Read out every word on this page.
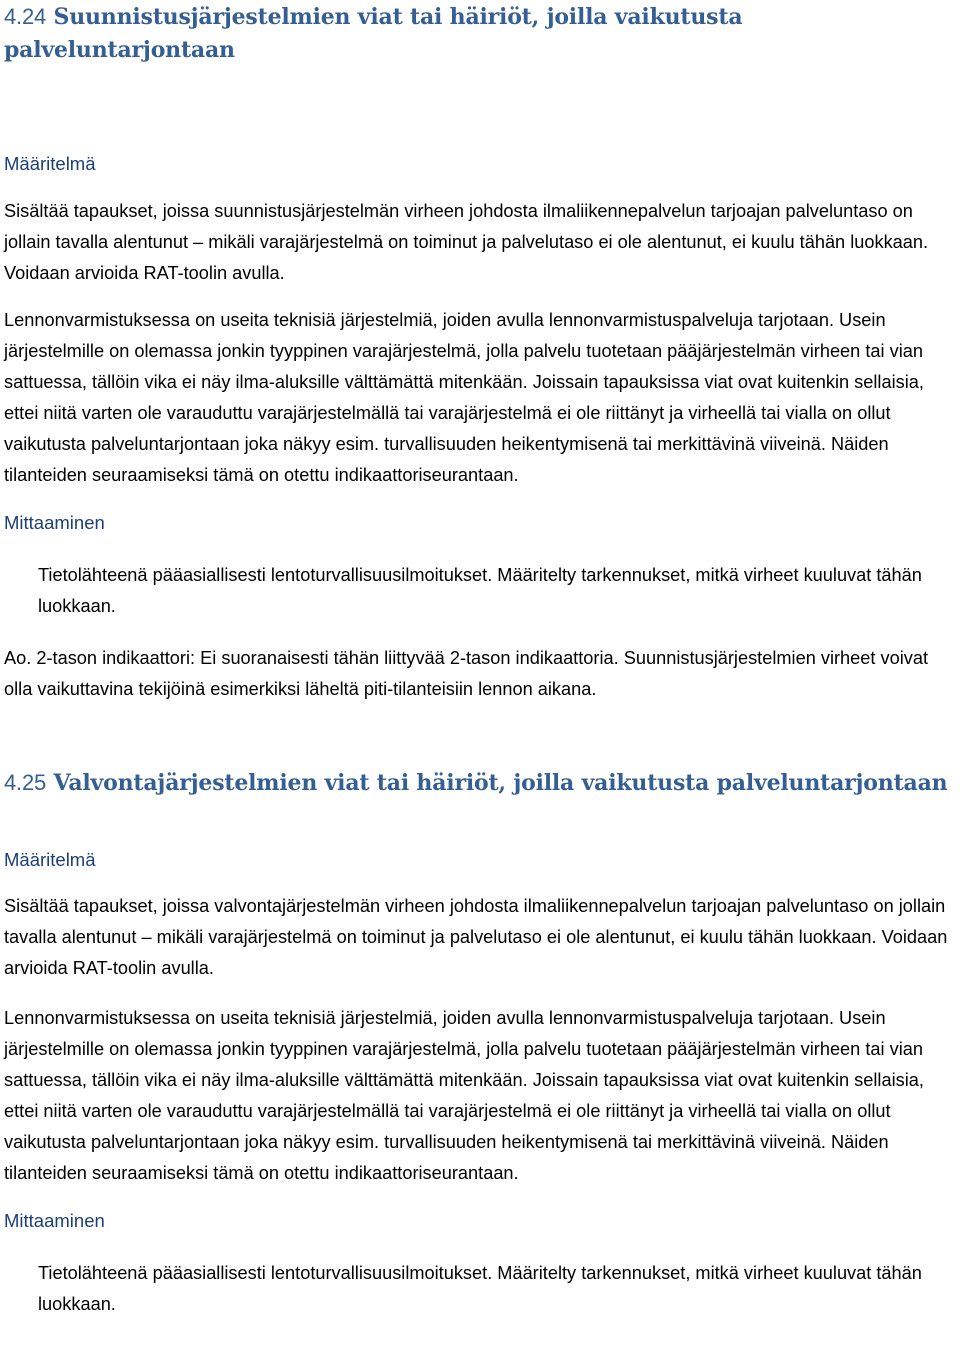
4.24 Suunnistusjärjestelmien viat tai häiriöt, joilla vaikutusta palveluntarjontaan
Määritelmä

Sisältää tapaukset, joissa suunnistusjärjestelmän virheen johdosta ilmaliikennepalvelun tarjoajan palveluntaso on jollain tavalla alentunut – mikäli varajärjestelmä on toiminut ja palvelutaso ei ole alentunut, ei kuulu tähän luokkaan. Voidaan arvioida RAT-toolin avulla.

Lennonvarmistuksessa on useita teknisiä järjestelmiä, joiden avulla lennonvarmistuspalveluja tarjotaan. Usein järjestelmille on olemassa jonkin tyyppinen varajärjestelmä, jolla palvelu tuotetaan pääjärjestelmän virheen tai vian sattuessa, tällöin vika ei näy ilma-aluksille välttämättä mitenkään. Joissain tapauksissa viat ovat kuitenkin sellaisia, ettei niitä varten ole varauduttu varajärjestelmällä tai varajärjestelmä ei ole riittänyt ja virheellä tai vialla on ollut vaikutusta palveluntarjontaan joka näkyy esim. turvallisuuden heikentymisenä tai merkittävinä viiveinä. Näiden tilanteiden seuraamiseksi tämä on otettu indikaattoriseurantaan.

Mittaaminen

Tietolähteenä pääasiallisesti lentoturvallisuusilmoitukset. Määritelty tarkennukset, mitkä virheet kuuluvat tähän luokkaan.

Ao. 2-tason indikaattori: Ei suoranaisesti tähän liittyvää 2-tason indikaattoria. Suunnistusjärjestelmien virheet voivat olla vaikuttavina tekijöinä esimerkiksi läheltä piti-tilanteisiin lennon aikana.

4.25 Valvontajärjestelmien viat tai häiriöt, joilla vaikutusta palveluntarjontaan
Määritelmä

Sisältää tapaukset, joissa valvontajärjestelmän virheen johdosta ilmaliikennepalvelun tarjoajan palveluntaso on jollain tavalla alentunut – mikäli varajärjestelmä on toiminut ja palvelutaso ei ole alentunut, ei kuulu tähän luokkaan. Voidaan arvioida RAT-toolin avulla.

Lennonvarmistuksessa on useita teknisiä järjestelmiä, joiden avulla lennonvarmistuspalveluja tarjotaan. Usein järjestelmille on olemassa jonkin tyyppinen varajärjestelmä, jolla palvelu tuotetaan pääjärjestelmän virheen tai vian sattuessa, tällöin vika ei näy ilma-aluksille välttämättä mitenkään. Joissain tapauksissa viat ovat kuitenkin sellaisia, ettei niitä varten ole varauduttu varajärjestelmällä tai varajärjestelmä ei ole riittänyt ja virheellä tai vialla on ollut vaikutusta palveluntarjontaan joka näkyy esim. turvallisuuden heikentymisenä tai merkittävinä viiveinä. Näiden tilanteiden seuraamiseksi tämä on otettu indikaattoriseurantaan.

Mittaaminen

Tietolähteenä pääasiallisesti lentoturvallisuusilmoitukset. Määritelty tarkennukset, mitkä virheet kuuluvat tähän luokkaan.
